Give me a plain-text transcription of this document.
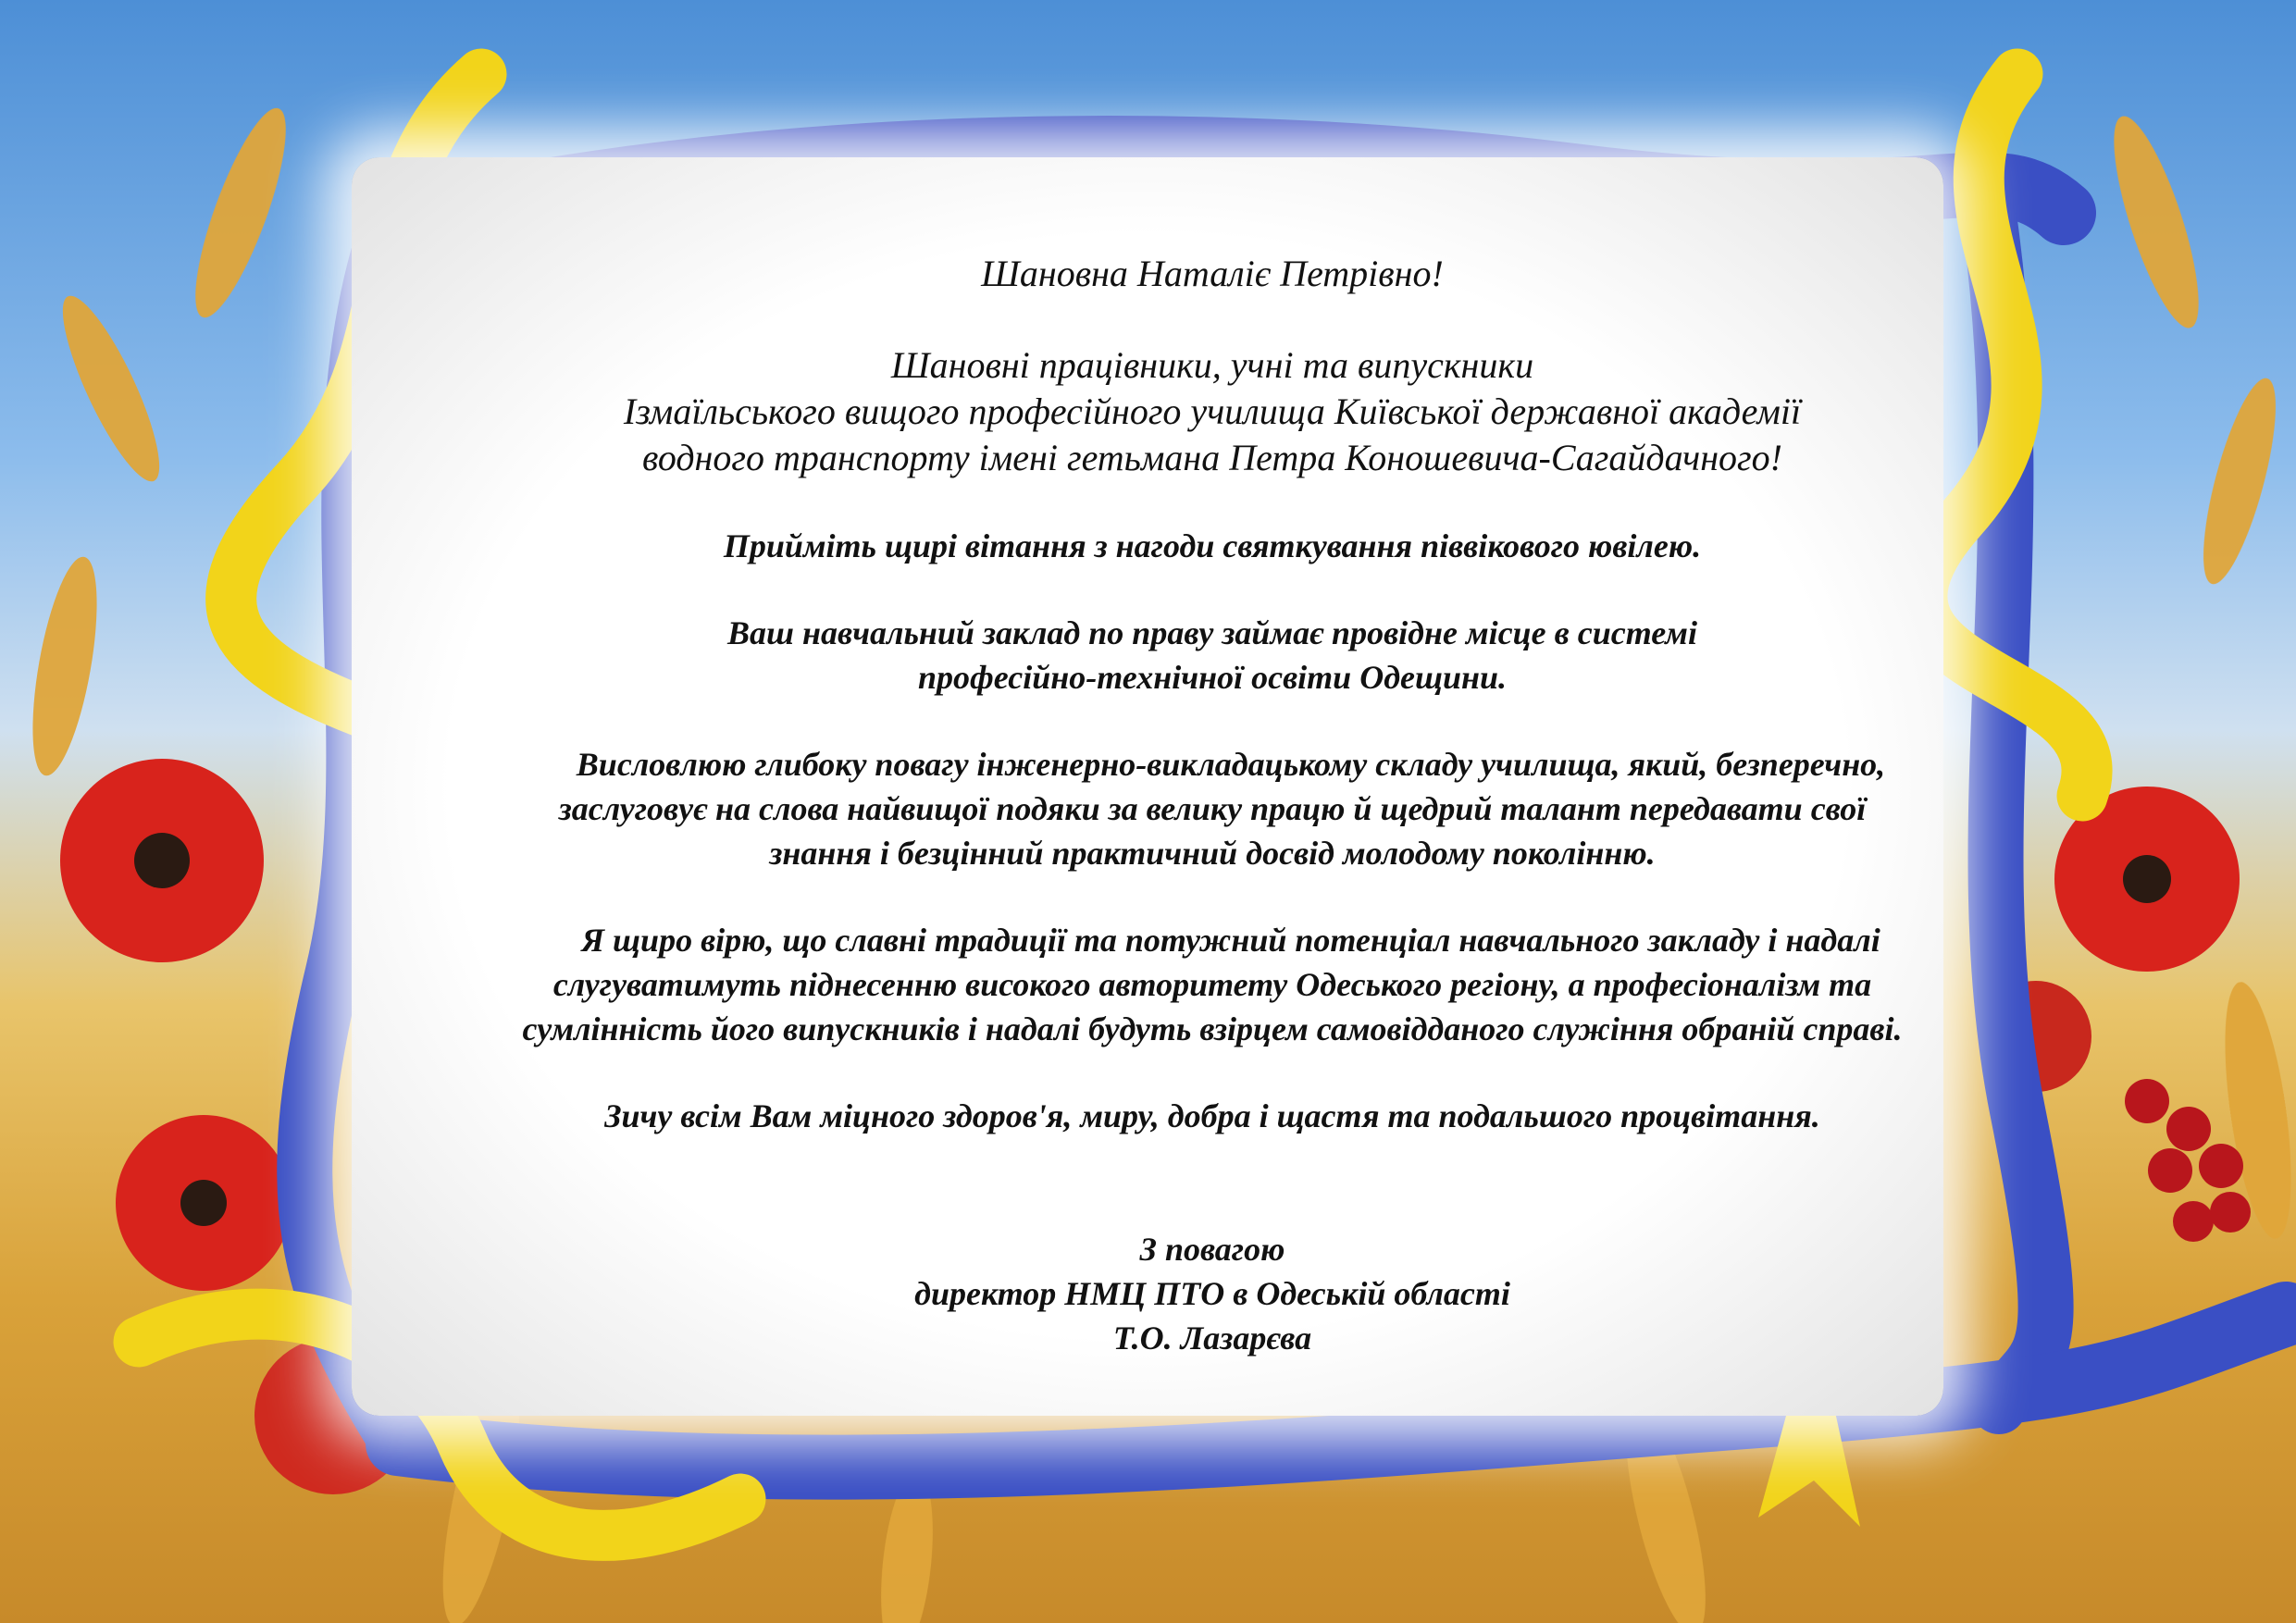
Шановна Наталіє Петрівно!

Шановні працівники, учні та випускники

Ізмаїльського вищого професійного училища Київської державної академії

водного транспорту імені гетьмана Петра Конoшевича-Сагайдачного!

Прийміть щирі вітання з нагоди святкування піввікового ювілею.

Ваш навчальний заклад по праву займає провідне місце в системі

професійно-технічної освіти Одещини.

Висловлюю глибоку повагу інженерно-викладацькому складу училища, який, безперечно,

заслуговує на слова найвищої подяки за велику працю й щедрий талант передавати свої

знання і безцінний практичний досвід молодому поколінню.

Я щиро вірю, що славні традиції та потужний потенціал навчального закладу і надалі

слугуватимуть піднесенню високого авторитету Одеського регіону, а професіоналізм та

сумлінність його випускників і надалі будуть взірцем самовідданого служіння обраній справі.

Зичу всім Вам міцного здоров'я, миру, добра і щастя та подальшого процвітання.

З повагою

директор НМЦ ПТО в Одеській області

Т.О. Лазарєва
